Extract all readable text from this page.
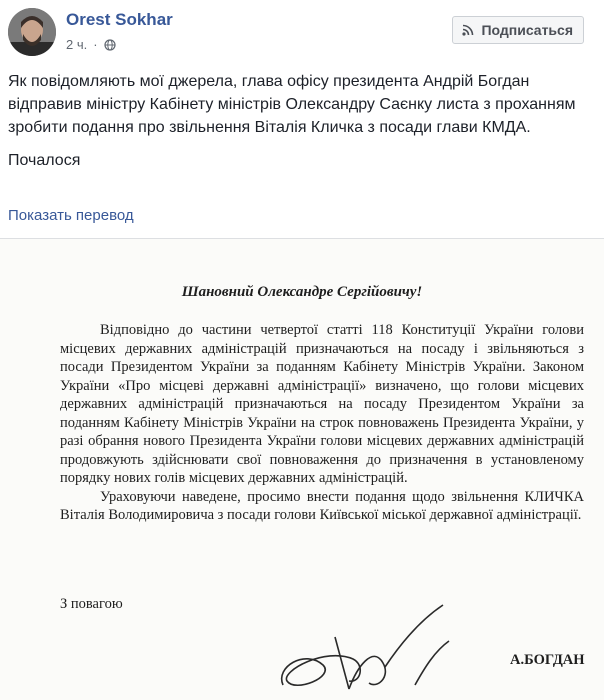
Orest Sokhar
2 ч. ·
Подписаться

Як повідомляють мої джерела, глава офісу президента Андрій Богдан відправив міністру Кабінету міністрів Олександру Саєнку листа з проханням зробити подання про звільнення Віталія Кличка з посади глави КМДА.

Почалося

Показать перевод
Шановний Олександре Сергійовичу!

Відповідно до частини четвертої статті 118 Конституції України голови місцевих державних адміністрацій призначаються на посаду і звільняються з посади Президентом України за поданням Кабінету Міністрів України. Законом України «Про місцеві державні адміністрації» визначено, що голови місцевих державних адміністрацій призначаються на посаду Президентом України за поданням Кабінету Міністрів України на строк повноважень Президента України, у разі обрання нового Президента України голови місцевих державних адміністрацій продовжують здійснювати свої повноваження до призначення в установленому порядку нових голів місцевих державних адміністрацій.

Ураховуючи наведене, просимо внести подання щодо звільнення КЛИЧКА Віталія Володимировича з посади голови Київської міської державної адміністрації.

З повагою
А.БОГДАН
